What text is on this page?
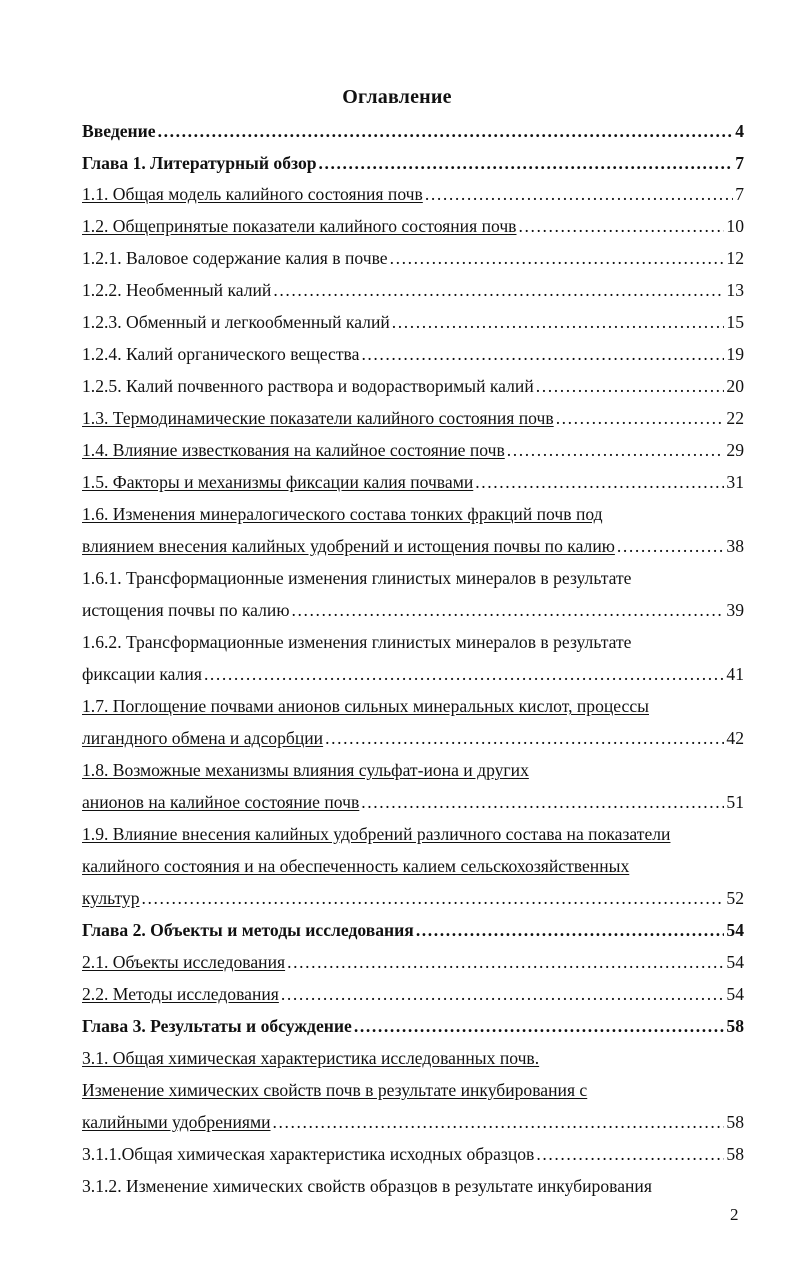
Оглавление
Введение .....	4
Глава 1. Литературный обзор .....	7
1.1. Общая модель калийного состояния почв .....	7
1.2. Общепринятые показатели калийного состояния почв .....	10
1.2.1. Валовое содержание калия в почве .....	12
1.2.2. Необменный калий .....	13
1.2.3. Обменный и легкообменный калий .....	15
1.2.4. Калий органического вещества .....	19
1.2.5. Калий почвенного раствора и водорастворимый калий .....	20
1.3. Термодинамические показатели калийного состояния почв .....	22
1.4. Влияние известкования на калийное состояние почв .....	29
1.5. Факторы и механизмы фиксации калия почвами .....	31
1.6. Изменения минералогического состава тонких фракций почв под
влиянием внесения калийных удобрений и истощения почвы по калию .....	38
1.6.1. Трансформационные изменения глинистых минералов в результате
истощения почвы по калию .....	39
1.6.2. Трансформационные изменения глинистых минералов в результате
фиксации калия .....	41
1.7. Поглощение почвами анионов сильных минеральных кислот, процессы
лигандного обмена и адсорбции .....	42
1.8. Возможные механизмы влияния сульфат-иона и других
анионов на калийное состояние почв .....	51
1.9. Влияние внесения калийных удобрений различного состава на показатели
калийного состояния и на обеспеченность калием сельскохозяйственных
культур .....	52
Глава 2. Объекты и методы исследования .....	54
2.1. Объекты исследования .....	54
2.2. Методы исследования .....	54
Глава 3. Результаты и обсуждение .....	58
3.1. Общая химическая характеристика исследованных почв.
Изменение химических свойств почв в результате инкубирования с
калийными удобрениями .....	58
3.1.1.Общая химическая характеристика исходных образцов .....	58
3.1.2. Изменение химических свойств образцов в результате инкубирования
2
